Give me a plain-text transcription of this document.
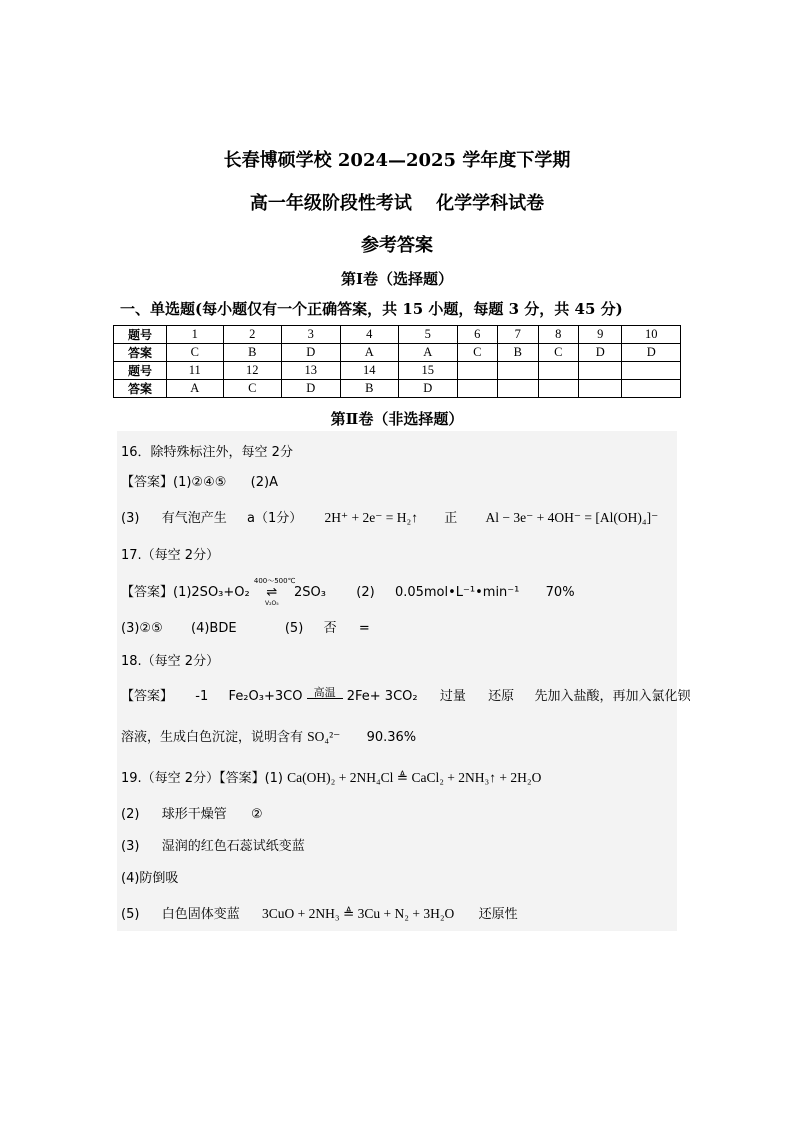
长春博硕学校 2024—2025 学年度下学期
高一年级阶段性考试　 化学学科试卷
参考答案
第Ⅰ卷（选择题）
一、单选题(每小题仅有一个正确答案，共 15 小题，每题 3 分，共 45 分)
题号	1	2	3	4	5	6	7	8	9	10
答案	C	B	D	A	A	C	B	C	D	D
题号	11	12	13	14	15					
答案	A	C	D	B	D					
第Ⅱ卷（非选择题）
16．除特殊标注外，每空 2分
【答案】(1)②④⑤ (2)A
(3) 有气泡产生 a（1分） 2H⁺ + 2e⁻ = H₂↑ 正 Al − 3e⁻ + 4OH⁻ = [Al(OH)₄]⁻
17.（每空 2分）
【答案】(1)2SO₃+O₂
400～500℃
⇌
V₂O₅
2SO₃ (2) 0.05mol•L⁻¹•min⁻¹ 70%
(3)②⑤ (4)BDE	(5) 否 =
18.（每空 2分）
【答案】 -1 Fe₂O₃+3CO 高温 2Fe+ 3CO₂ 过量 还原 先加入盐酸，再加入氯化钡
溶液，生成白色沉淀，说明含有 SO₄²⁻ 90.36%
19.（每空 2分）【答案】(1) Ca(OH)₂ + 2NH₄Cl ≜ CaCl₂ + 2NH₃↑ + 2H₂O
(2) 球形干燥管 ②
(3) 湿润的红色石蕊试纸变蓝
(4)防倒吸
(5) 白色固体变蓝 3CuO + 2NH₃ ≜ 3Cu + N₂ + 3H₂O 还原性
